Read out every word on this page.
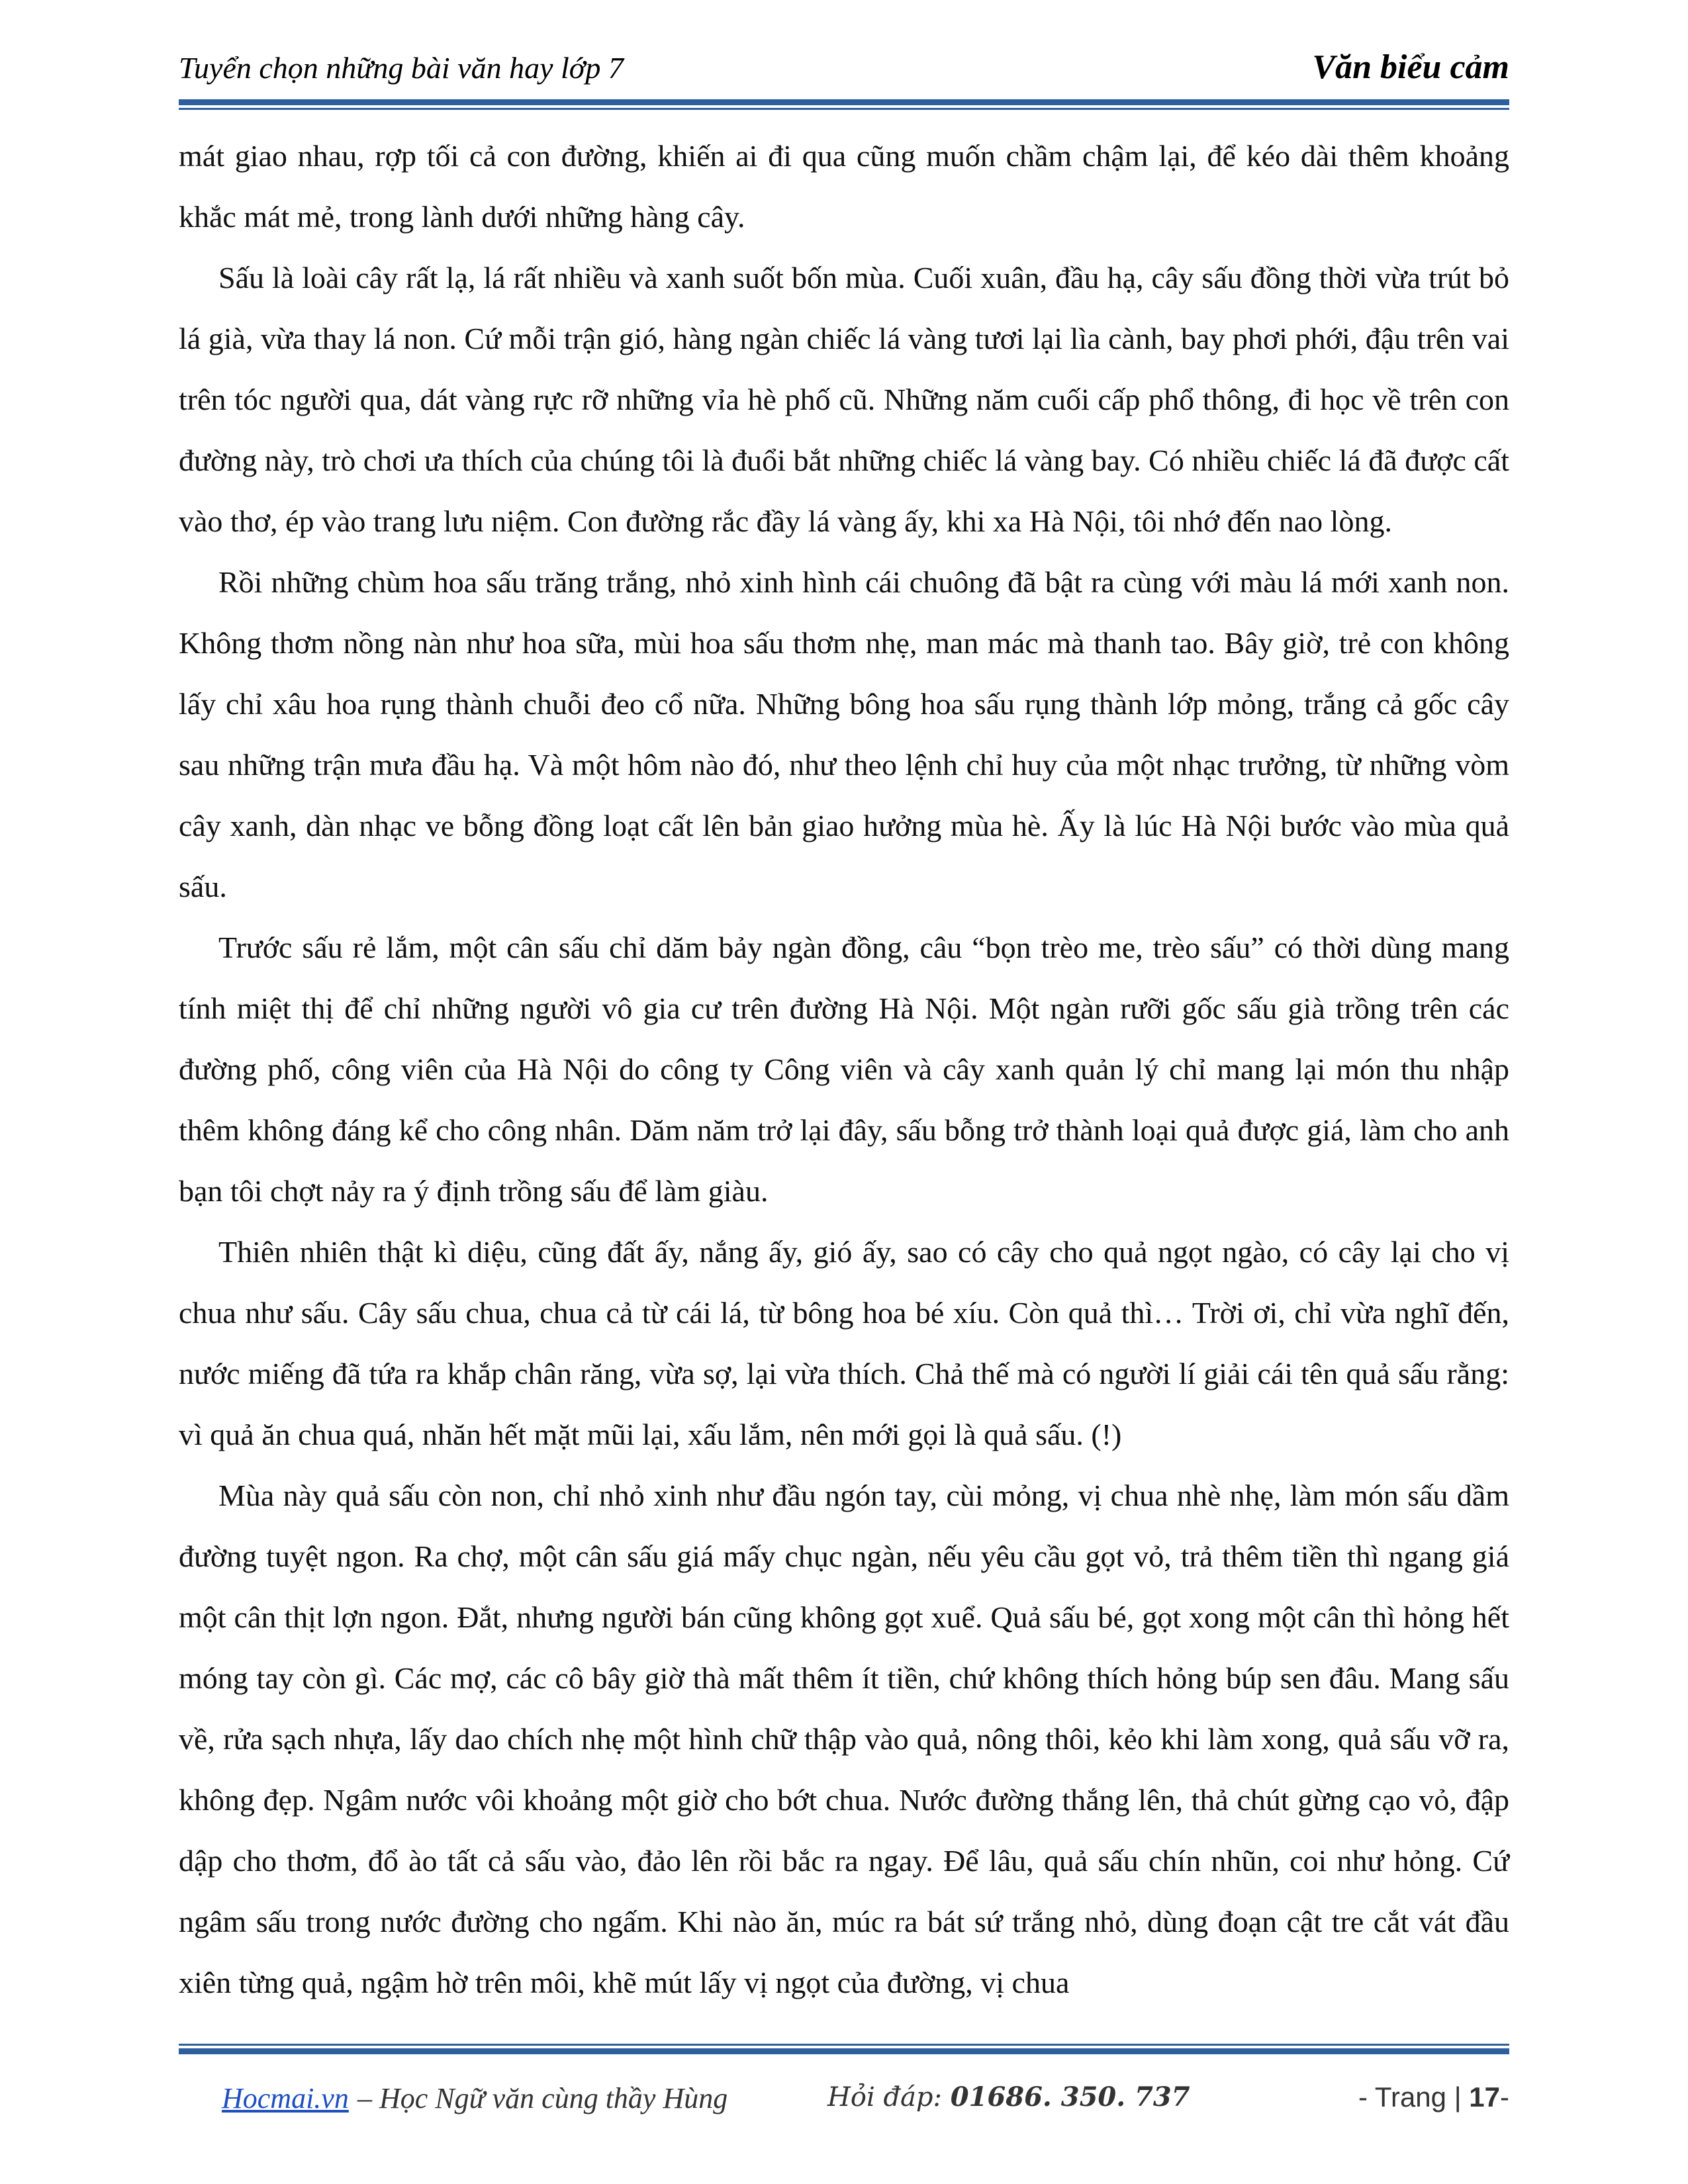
Tuyển chọn những bài văn hay lớp 7	Văn biểu cảm

mát giao nhau, rợp tối cả con đường, khiến ai đi qua cũng muốn chầm chậm lại, để kéo dài thêm khoảng khắc mát mẻ, trong lành dưới những hàng cây.

Sấu là loài cây rất lạ, lá rất nhiều và xanh suốt bốn mùa. Cuối xuân, đầu hạ, cây sấu đồng thời vừa trút bỏ lá già, vừa thay lá non. Cứ mỗi trận gió, hàng ngàn chiếc lá vàng tươi lại lìa cành, bay phơi phới, đậu trên vai trên tóc người qua, dát vàng rực rỡ những vỉa hè phố cũ. Những năm cuối cấp phổ thông, đi học về trên con đường này, trò chơi ưa thích của chúng tôi là đuổi bắt những chiếc lá vàng bay. Có nhiều chiếc lá đã được cất vào thơ, ép vào trang lưu niệm. Con đường rắc đầy lá vàng ấy, khi xa Hà Nội, tôi nhớ đến nao lòng.

Rồi những chùm hoa sấu trăng trắng, nhỏ xinh hình cái chuông đã bật ra cùng với màu lá mới xanh non. Không thơm nồng nàn như hoa sữa, mùi hoa sấu thơm nhẹ, man mác mà thanh tao. Bây giờ, trẻ con không lấy chỉ xâu hoa rụng thành chuỗi đeo cổ nữa. Những bông hoa sấu rụng thành lớp mỏng, trắng cả gốc cây sau những trận mưa đầu hạ. Và một hôm nào đó, như theo lệnh chỉ huy của một nhạc trưởng, từ những vòm cây xanh, dàn nhạc ve bỗng đồng loạt cất lên bản giao hưởng mùa hè. Ấy là lúc Hà Nội bước vào mùa quả sấu.

Trước sấu rẻ lắm, một cân sấu chỉ dăm bảy ngàn đồng, câu “bọn trèo me, trèo sấu” có thời dùng mang tính miệt thị để chỉ những người vô gia cư trên đường Hà Nội. Một ngàn rưỡi gốc sấu già trồng trên các đường phố, công viên của Hà Nội do công ty Công viên và cây xanh quản lý chỉ mang lại món thu nhập thêm không đáng kể cho công nhân. Dăm năm trở lại đây, sấu bỗng trở thành loại quả được giá, làm cho anh bạn tôi chợt nảy ra ý định trồng sấu để làm giàu.

Thiên nhiên thật kì diệu, cũng đất ấy, nắng ấy, gió ấy, sao có cây cho quả ngọt ngào, có cây lại cho vị chua như sấu. Cây sấu chua, chua cả từ cái lá, từ bông hoa bé xíu. Còn quả thì… Trời ơi, chỉ vừa nghĩ đến, nước miếng đã tứa ra khắp chân răng, vừa sợ, lại vừa thích. Chả thế mà có người lí giải cái tên quả sấu rằng: vì quả ăn chua quá, nhăn hết mặt mũi lại, xấu lắm, nên mới gọi là quả sấu. (!)

Mùa này quả sấu còn non, chỉ nhỏ xinh như đầu ngón tay, cùi mỏng, vị chua nhè nhẹ, làm món sấu dầm đường tuyệt ngon. Ra chợ, một cân sấu giá mấy chục ngàn, nếu yêu cầu gọt vỏ, trả thêm tiền thì ngang giá một cân thịt lợn ngon. Đắt, nhưng người bán cũng không gọt xuể. Quả sấu bé, gọt xong một cân thì hỏng hết móng tay còn gì. Các mợ, các cô bây giờ thà mất thêm ít tiền, chứ không thích hỏng búp sen đâu. Mang sấu về, rửa sạch nhựa, lấy dao chích nhẹ một hình chữ thập vào quả, nông thôi, kẻo khi làm xong, quả sấu vỡ ra, không đẹp. Ngâm nước vôi khoảng một giờ cho bớt chua. Nước đường thắng lên, thả chút gừng cạo vỏ, đập dập cho thơm, đổ ào tất cả sấu vào, đảo lên rồi bắc ra ngay. Để lâu, quả sấu chín nhũn, coi như hỏng. Cứ ngâm sấu trong nước đường cho ngấm. Khi nào ăn, múc ra bát sứ trắng nhỏ, dùng đoạn cật tre cắt vát đầu xiên từng quả, ngậm hờ trên môi, khẽ mút lấy vị ngọt của đường, vị chua

Hocmai.vn – Học Ngữ văn cùng thầy Hùng	Hỏi đáp: 01686. 350. 737	- Trang | 17-
